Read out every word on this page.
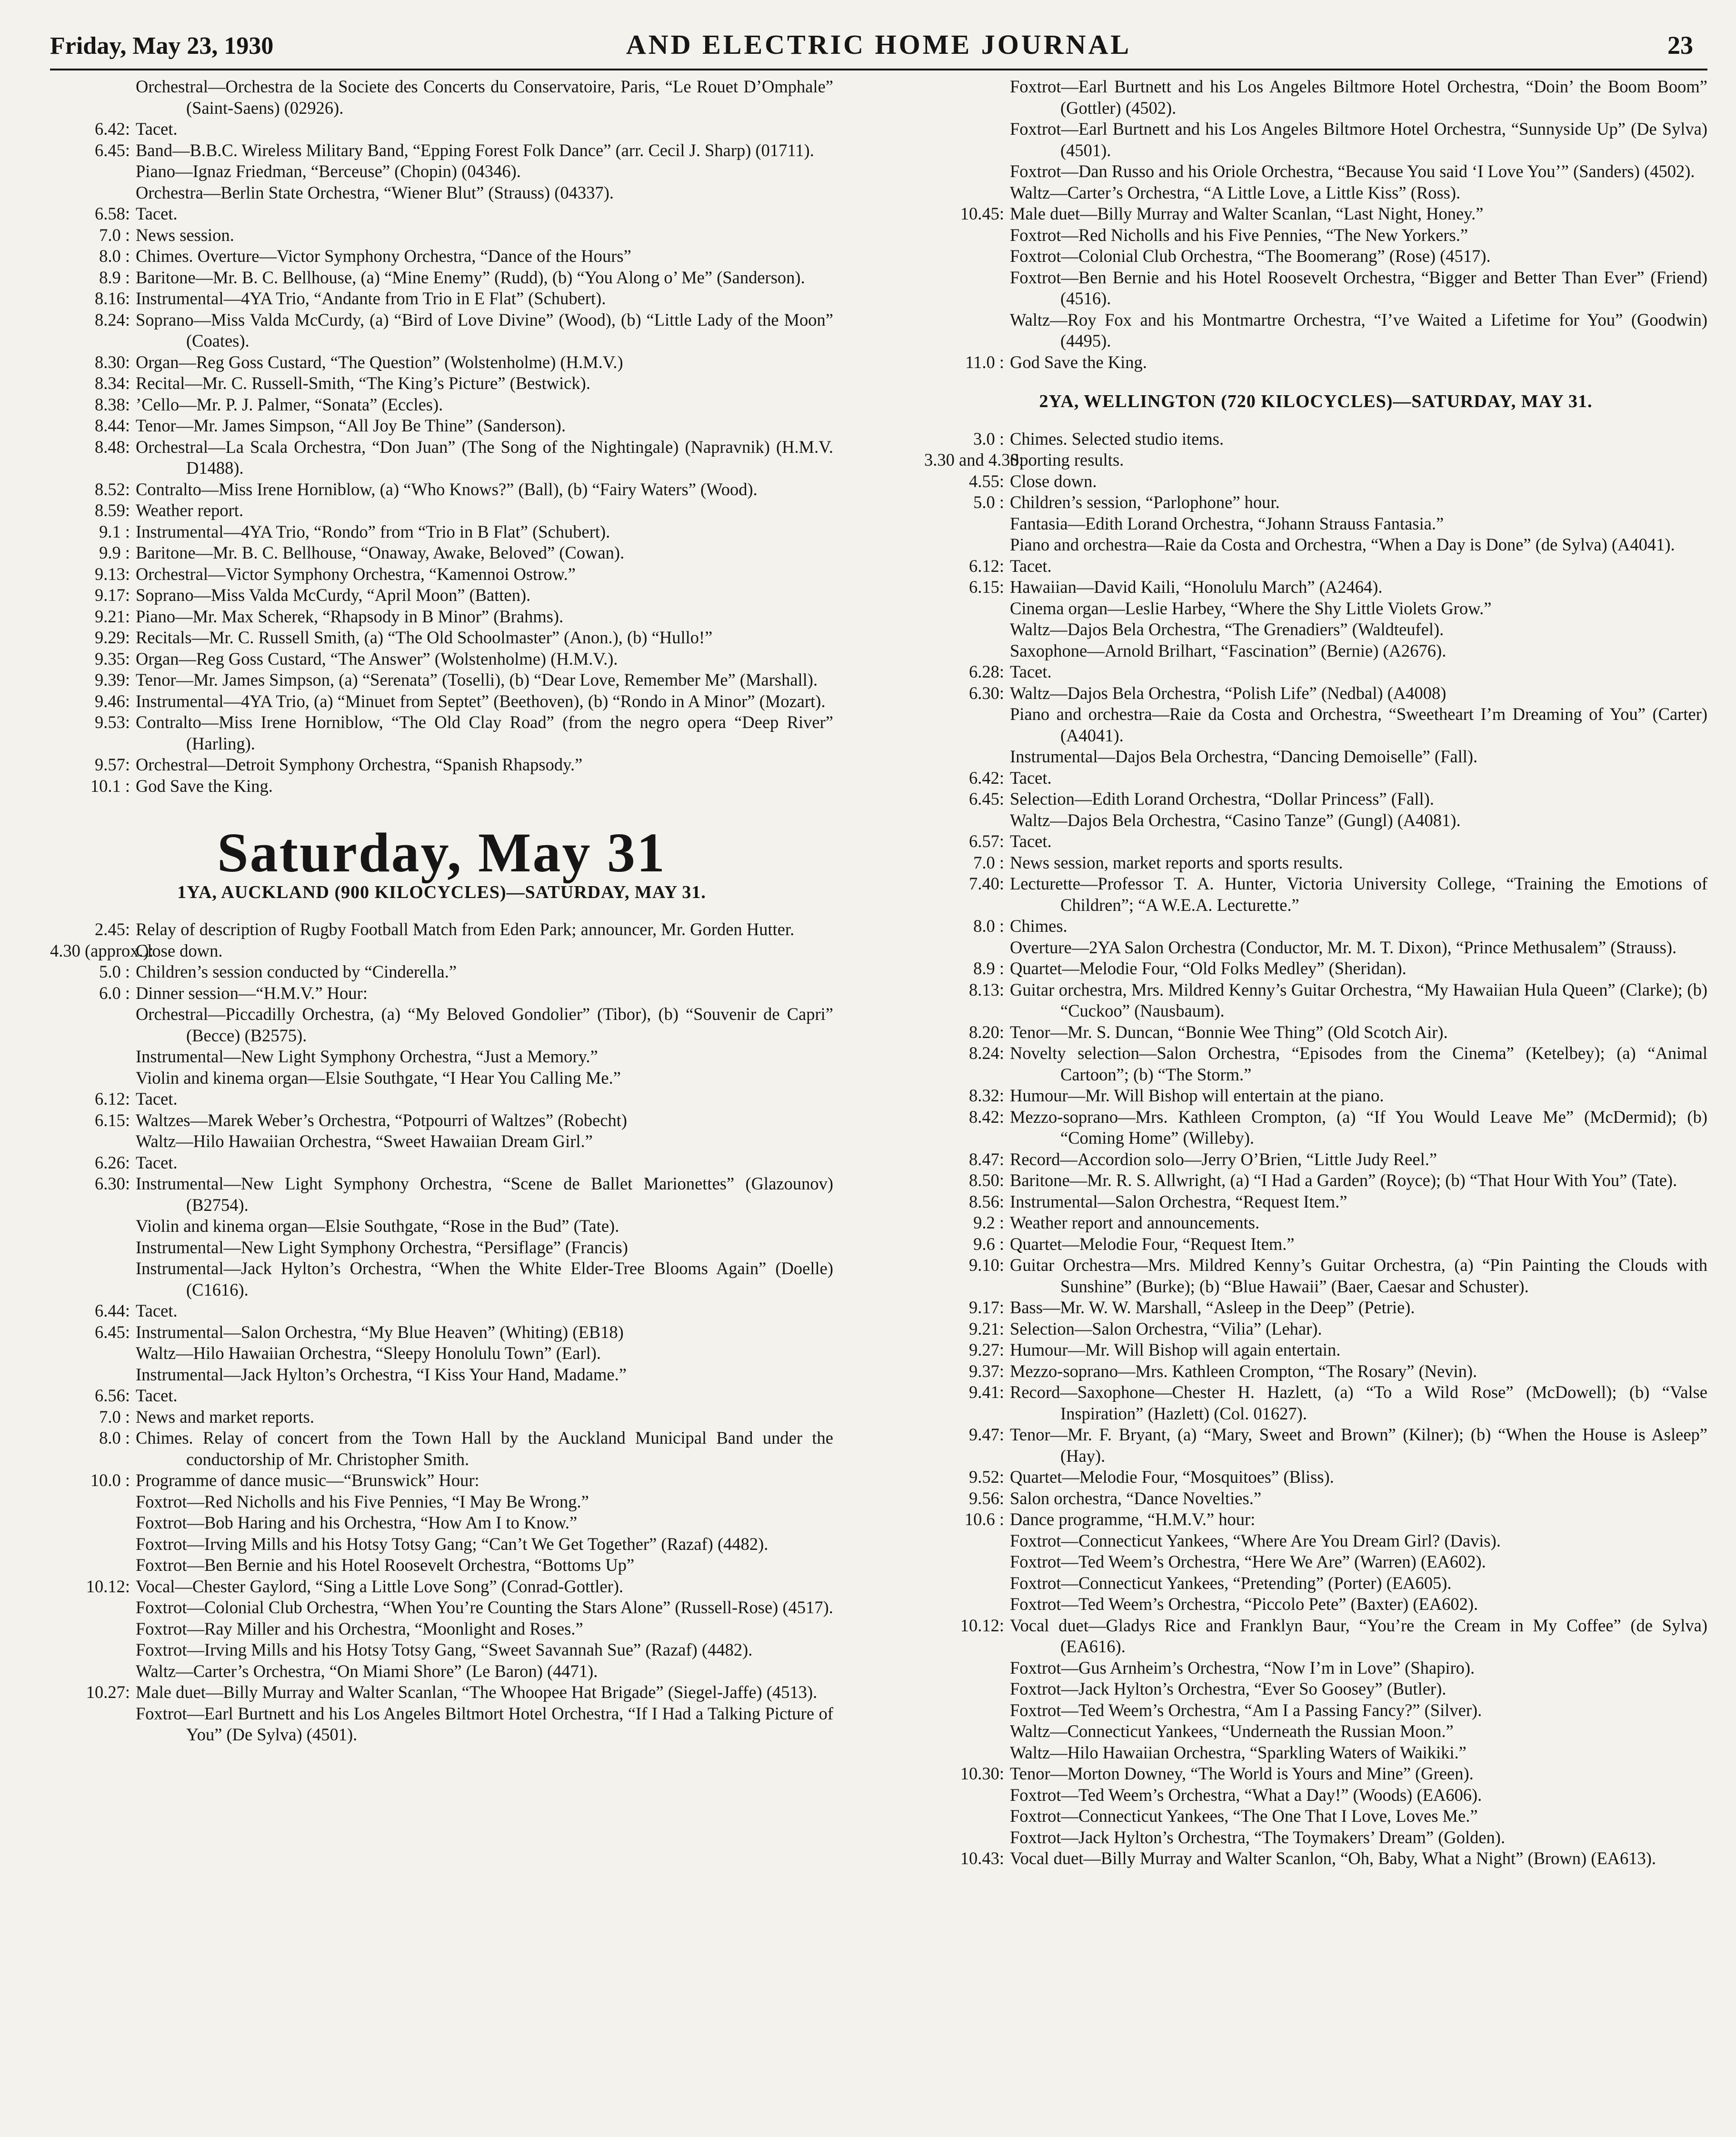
Friday, May 23, 1930	AND ELECTRIC HOME JOURNAL	23
Orchestral—Orchestra de la Societe des Concerts du Conservatoire, Paris, “Le Rouet D’Omphale” (Saint-Saens) (02926).
6.42: Tacet.
6.45: Band—B.B.C. Wireless Military Band, “Epping Forest Folk Dance” (arr. Cecil J. Sharp) (01711).
Piano—Ignaz Friedman, “Berceuse” (Chopin) (04346).
Orchestra—Berlin State Orchestra, “Wiener Blut” (Strauss) (04337).
6.58: Tacet.
7.0 : News session.
8.0 : Chimes. Overture—Victor Symphony Orchestra, “Dance of the Hours”
8.9 : Baritone—Mr. B. C. Bellhouse, (a) “Mine Enemy” (Rudd), (b) “You Along o’ Me” (Sanderson).
8.16: Instrumental—4YA Trio, “Andante from Trio in E Flat” (Schubert).
8.24: Soprano—Miss Valda McCurdy, (a) “Bird of Love Divine” (Wood), (b) “Little Lady of the Moon” (Coates).
8.30: Organ—Reg Goss Custard, “The Question” (Wolstenholme) (H.M.V.)
8.34: Recital—Mr. C. Russell-Smith, “The King’s Picture” (Bestwick).
8.38: ’Cello—Mr. P. J. Palmer, “Sonata” (Eccles).
8.44: Tenor—Mr. James Simpson, “All Joy Be Thine” (Sanderson).
8.48: Orchestral—La Scala Orchestra, “Don Juan” (The Song of the Nightingale) (Napravnik) (H.M.V. D1488).
8.52: Contralto—Miss Irene Horniblow, (a) “Who Knows?” (Ball), (b) “Fairy Waters” (Wood).
8.59: Weather report.
9.1 : Instrumental—4YA Trio, “Rondo” from “Trio in B Flat” (Schubert).
9.9 : Baritone—Mr. B. C. Bellhouse, “Onaway, Awake, Beloved” (Cowan).
9.13: Orchestral—Victor Symphony Orchestra, “Kamennoi Ostrow.”
9.17: Soprano—Miss Valda McCurdy, “April Moon” (Batten).
9.21: Piano—Mr. Max Scherek, “Rhapsody in B Minor” (Brahms).
9.29: Recitals—Mr. C. Russell Smith, (a) “The Old Schoolmaster” (Anon.), (b) “Hullo!”
9.35: Organ—Reg Goss Custard, “The Answer” (Wolstenholme) (H.M.V.).
9.39: Tenor—Mr. James Simpson, (a) “Serenata” (Toselli), (b) “Dear Love, Remember Me” (Marshall).
9.46: Instrumental—4YA Trio, (a) “Minuet from Septet” (Beethoven), (b) “Rondo in A Minor” (Mozart).
9.53: Contralto—Miss Irene Horniblow, “The Old Clay Road” (from the negro opera “Deep River” (Harling).
9.57: Orchestral—Detroit Symphony Orchestra, “Spanish Rhapsody.”
10.1 : God Save the King.
Saturday, May 31
1YA, AUCKLAND (900 KILOCYCLES)—SATURDAY, MAY 31.
2.45: Relay of description of Rugby Football Match from Eden Park; announcer, Mr. Gorden Hutter.
4.30 (approx.):
Close down.
5.0 : Children’s session conducted by “Cinderella.”
6.0 : Dinner session—“H.M.V.” Hour:
Orchestral—Piccadilly Orchestra, (a) “My Beloved Gondolier” (Tibor), (b) “Souvenir de Capri” (Becce) (B2575).
Instrumental—New Light Symphony Orchestra, “Just a Memory.”
Violin and kinema organ—Elsie Southgate, “I Hear You Calling Me.”
6.12: Tacet.
6.15: Waltzes—Marek Weber’s Orchestra, “Potpourri of Waltzes” (Robecht)
Waltz—Hilo Hawaiian Orchestra, “Sweet Hawaiian Dream Girl.”
6.26: Tacet.
6.30: Instrumental—New Light Symphony Orchestra, “Scene de Ballet Marionettes” (Glazounov) (B2754).
Violin and kinema organ—Elsie Southgate, “Rose in the Bud” (Tate).
Instrumental—New Light Symphony Orchestra, “Persiflage” (Francis)
Instrumental—Jack Hylton’s Orchestra, “When the White Elder-Tree Blooms Again” (Doelle) (C1616).
6.44: Tacet.
6.45: Instrumental—Salon Orchestra, “My Blue Heaven” (Whiting) (EB18)
Waltz—Hilo Hawaiian Orchestra, “Sleepy Honolulu Town” (Earl).
Instrumental—Jack Hylton’s Orchestra, “I Kiss Your Hand, Madame.”
6.56: Tacet.
7.0 : News and market reports.
8.0 : Chimes. Relay of concert from the Town Hall by the Auckland Municipal Band under the conductorship of Mr. Christopher Smith.
10.0 : Programme of dance music—“Brunswick” Hour:
Foxtrot—Red Nicholls and his Five Pennies, “I May Be Wrong.”
Foxtrot—Bob Haring and his Orchestra, “How Am I to Know.”
Foxtrot—Irving Mills and his Hotsy Totsy Gang; “Can’t We Get Together” (Razaf) (4482).
Foxtrot—Ben Bernie and his Hotel Roosevelt Orchestra, “Bottoms Up”
10.12: Vocal—Chester Gaylord, “Sing a Little Love Song” (Conrad-Gottler).
Foxtrot—Colonial Club Orchestra, “When You’re Counting the Stars Alone” (Russell-Rose) (4517).
Foxtrot—Ray Miller and his Orchestra, “Moonlight and Roses.”
Foxtrot—Irving Mills and his Hotsy Totsy Gang, “Sweet Savannah Sue” (Razaf) (4482).
Waltz—Carter’s Orchestra, “On Miami Shore” (Le Baron) (4471).
10.27: Male duet—Billy Murray and Walter Scanlan, “The Whoopee Hat Brigade” (Siegel-Jaffe) (4513).
Foxtrot—Earl Burtnett and his Los Angeles Biltmort Hotel Orchestra, “If I Had a Talking Picture of You” (De Sylva) (4501).
Foxtrot—Earl Burtnett and his Los Angeles Biltmore Hotel Orchestra, “Doin’ the Boom Boom” (Gottler) (4502).
Foxtrot—Earl Burtnett and his Los Angeles Biltmore Hotel Orchestra, “Sunnyside Up” (De Sylva) (4501).
Foxtrot—Dan Russo and his Oriole Orchestra, “Because You said ‘I Love You’” (Sanders) (4502).
Waltz—Carter’s Orchestra, “A Little Love, a Little Kiss” (Ross).
10.45: Male duet—Billy Murray and Walter Scanlan, “Last Night, Honey.”
Foxtrot—Red Nicholls and his Five Pennies, “The New Yorkers.”
Foxtrot—Colonial Club Orchestra, “The Boomerang” (Rose) (4517).
Foxtrot—Ben Bernie and his Hotel Roosevelt Orchestra, “Bigger and Better Than Ever” (Friend) (4516).
Waltz—Roy Fox and his Montmartre Orchestra, “I’ve Waited a Lifetime for You” (Goodwin) (4495).
11.0 : God Save the King.
2YA, WELLINGTON (720 KILOCYCLES)—SATURDAY, MAY 31.
3.0 : Chimes. Selected studio items.
3.30 and 4.30:
Sporting results.
4.55: Close down.
5.0 : Children’s session, “Parlophone” hour.
Fantasia—Edith Lorand Orchestra, “Johann Strauss Fantasia.”
Piano and orchestra—Raie da Costa and Orchestra, “When a Day is Done” (de Sylva) (A4041).
6.12: Tacet.
6.15: Hawaiian—David Kaili, “Honolulu March” (A2464).
Cinema organ—Leslie Harbey, “Where the Shy Little Violets Grow.”
Waltz—Dajos Bela Orchestra, “The Grenadiers” (Waldteufel).
Saxophone—Arnold Brilhart, “Fascination” (Bernie) (A2676).
6.28: Tacet.
6.30: Waltz—Dajos Bela Orchestra, “Polish Life” (Nedbal) (A4008)
Piano and orchestra—Raie da Costa and Orchestra, “Sweetheart I’m Dreaming of You” (Carter) (A4041).
Instrumental—Dajos Bela Orchestra, “Dancing Demoiselle” (Fall).
6.42: Tacet.
6.45: Selection—Edith Lorand Orchestra, “Dollar Princess” (Fall).
Waltz—Dajos Bela Orchestra, “Casino Tanze” (Gungl) (A4081).
6.57: Tacet.
7.0 : News session, market reports and sports results.
7.40: Lecturette—Professor T. A. Hunter, Victoria University College, “Training the Emotions of Children”; “A W.E.A. Lecturette.”
8.0 : Chimes.
Overture—2YA Salon Orchestra (Conductor, Mr. M. T. Dixon), “Prince Methusalem” (Strauss).
8.9 : Quartet—Melodie Four, “Old Folks Medley” (Sheridan).
8.13: Guitar orchestra, Mrs. Mildred Kenny’s Guitar Orchestra, “My Hawaiian Hula Queen” (Clarke); (b) “Cuckoo” (Nausbaum).
8.20: Tenor—Mr. S. Duncan, “Bonnie Wee Thing” (Old Scotch Air).
8.24: Novelty selection—Salon Orchestra, “Episodes from the Cinema” (Ketelbey); (a) “Animal Cartoon”; (b) “The Storm.”
8.32: Humour—Mr. Will Bishop will entertain at the piano.
8.42: Mezzo-soprano—Mrs. Kathleen Crompton, (a) “If You Would Leave Me” (McDermid); (b) “Coming Home” (Willeby).
8.47: Record—Accordion solo—Jerry O’Brien, “Little Judy Reel.”
8.50: Baritone—Mr. R. S. Allwright, (a) “I Had a Garden” (Royce); (b) “That Hour With You” (Tate).
8.56: Instrumental—Salon Orchestra, “Request Item.”
9.2 : Weather report and announcements.
9.6 : Quartet—Melodie Four, “Request Item.”
9.10: Guitar Orchestra—Mrs. Mildred Kenny’s Guitar Orchestra, (a) “Pin Painting the Clouds with Sunshine” (Burke); (b) “Blue Hawaii” (Baer, Caesar and Schuster).
9.17: Bass—Mr. W. W. Marshall, “Asleep in the Deep” (Petrie).
9.21: Selection—Salon Orchestra, “Vilia” (Lehar).
9.27: Humour—Mr. Will Bishop will again entertain.
9.37: Mezzo-soprano—Mrs. Kathleen Crompton, “The Rosary” (Nevin).
9.41: Record—Saxophone—Chester H. Hazlett, (a) “To a Wild Rose” (McDowell); (b) “Valse Inspiration” (Hazlett) (Col. 01627).
9.47: Tenor—Mr. F. Bryant, (a) “Mary, Sweet and Brown” (Kilner); (b) “When the House is Asleep” (Hay).
9.52: Quartet—Melodie Four, “Mosquitoes” (Bliss).
9.56: Salon orchestra, “Dance Novelties.”
10.6 : Dance programme, “H.M.V.” hour:
Foxtrot—Connecticut Yankees, “Where Are You Dream Girl? (Davis).
Foxtrot—Ted Weem’s Orchestra, “Here We Are” (Warren) (EA602).
Foxtrot—Connecticut Yankees, “Pretending” (Porter) (EA605).
Foxtrot—Ted Weem’s Orchestra, “Piccolo Pete” (Baxter) (EA602).
10.12: Vocal duet—Gladys Rice and Franklyn Baur, “You’re the Cream in My Coffee” (de Sylva) (EA616).
Foxtrot—Gus Arnheim’s Orchestra, “Now I’m in Love” (Shapiro).
Foxtrot—Jack Hylton’s Orchestra, “Ever So Goosey” (Butler).
Foxtrot—Ted Weem’s Orchestra, “Am I a Passing Fancy?” (Silver).
Waltz—Connecticut Yankees, “Underneath the Russian Moon.”
Waltz—Hilo Hawaiian Orchestra, “Sparkling Waters of Waikiki.”
10.30: Tenor—Morton Downey, “The World is Yours and Mine” (Green).
Foxtrot—Ted Weem’s Orchestra, “What a Day!” (Woods) (EA606).
Foxtrot—Connecticut Yankees, “The One That I Love, Loves Me.”
Foxtrot—Jack Hylton’s Orchestra, “The Toymakers’ Dream” (Golden).
10.43: Vocal duet—Billy Murray and Walter Scanlon, “Oh, Baby, What a Night” (Brown) (EA613).
